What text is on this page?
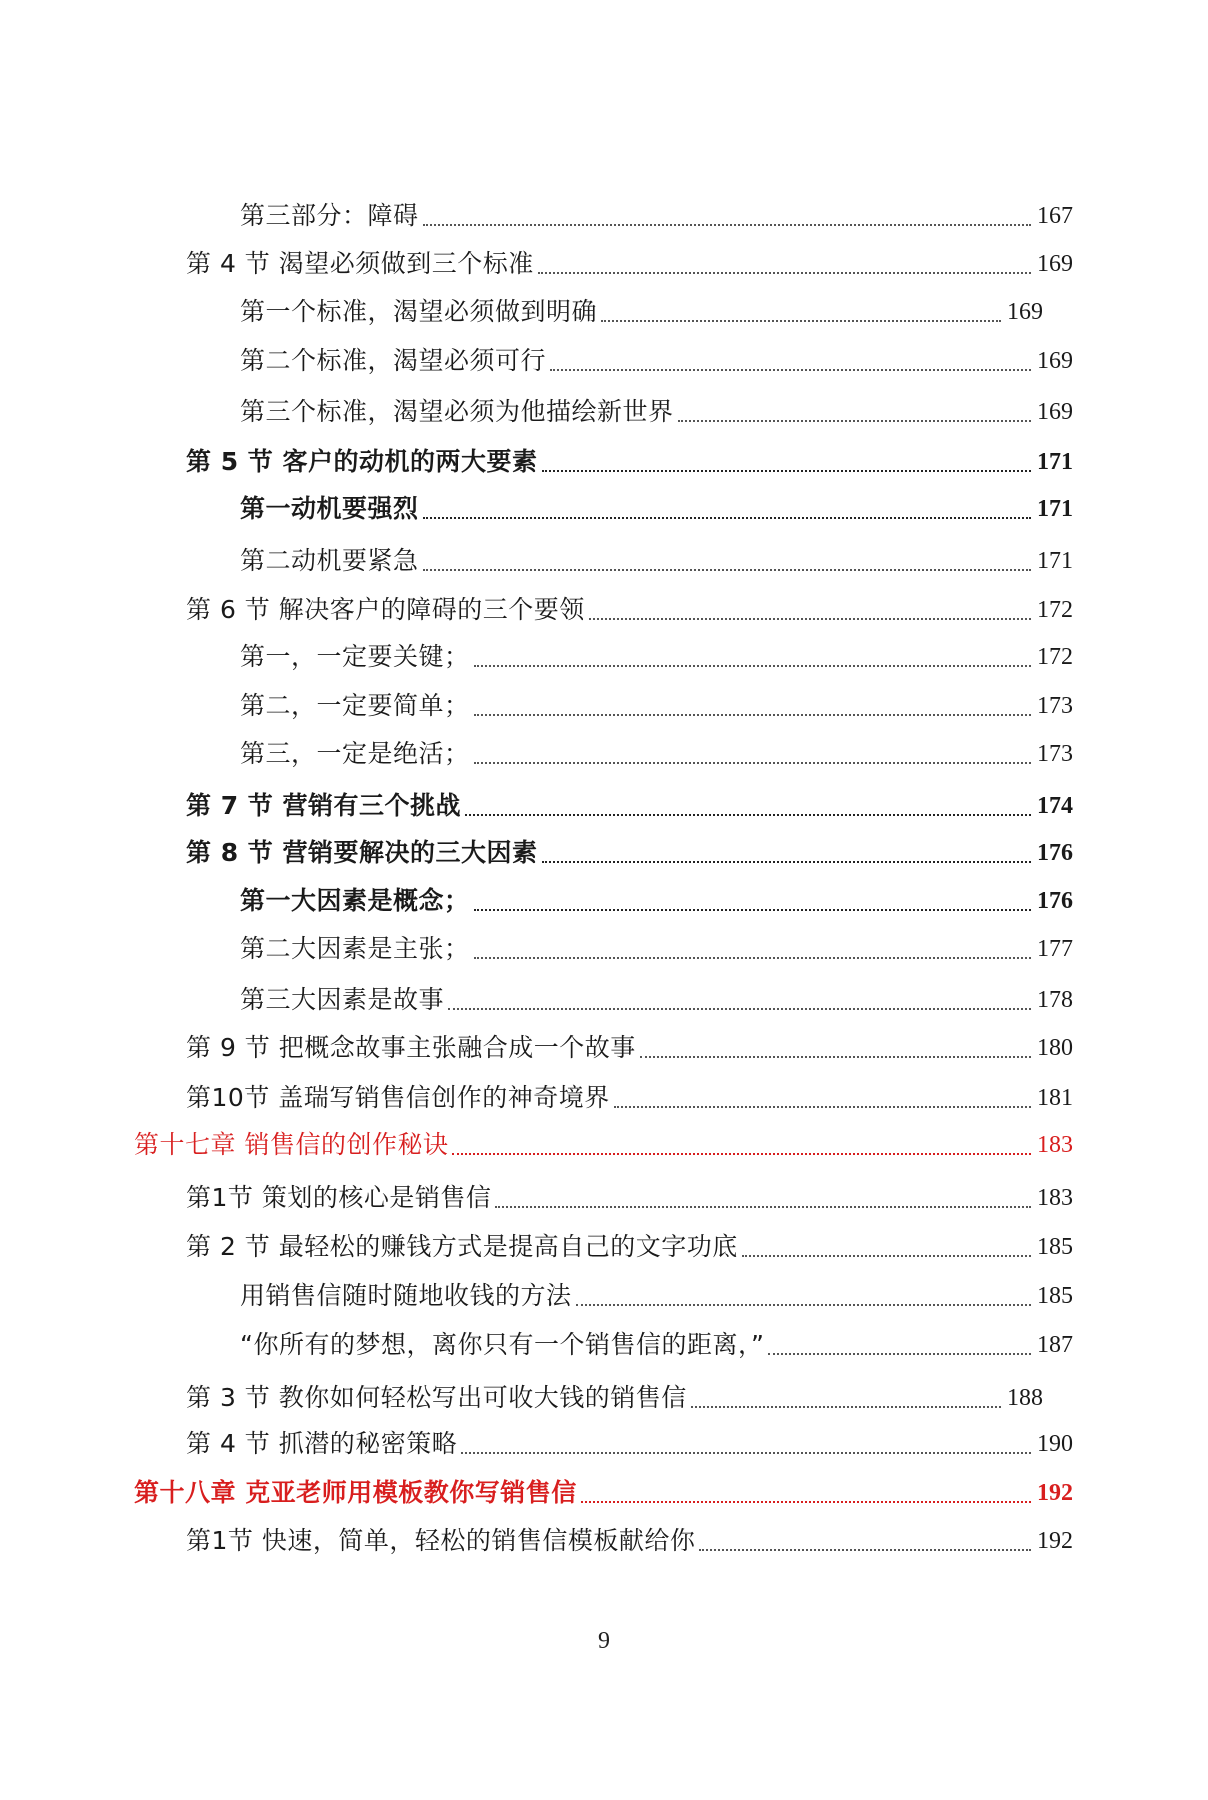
第三部分：障碍	167
第 4 节 渴望必须做到三个标准	169
第一个标准，渴望必须做到明确	169
第二个标准，渴望必须可行	169
第三个标准，渴望必须为他描绘新世界	169
第 5 节 客户的动机的两大要素	171
第一动机要强烈	171
第二动机要紧急	171
第 6 节 解决客户的障碍的三个要领	172
第一，一定要关键；	172
第二，一定要简单；	173
第三，一定是绝活；	173
第 7 节 营销有三个挑战	174
第 8 节 营销要解决的三大因素	176
第一大因素是概念；	176
第二大因素是主张；	177
第三大因素是故事	178
第 9 节 把概念故事主张融合成一个故事	180
第10节 盖瑞写销售信创作的神奇境界	181
第十七章 销售信的创作秘诀	183
第1节 策划的核心是销售信	183
第 2 节 最轻松的赚钱方式是提高自己的文字功底	185
用销售信随时随地收钱的方法	185
“你所有的梦想，离你只有一个销售信的距离，”	187
第 3 节 教你如何轻松写出可收大钱的销售信	188
第 4 节 抓潜的秘密策略	190
第十八章 克亚老师用模板教你写销售信	192
第1节 快速，简单，轻松的销售信模板献给你	192
9
